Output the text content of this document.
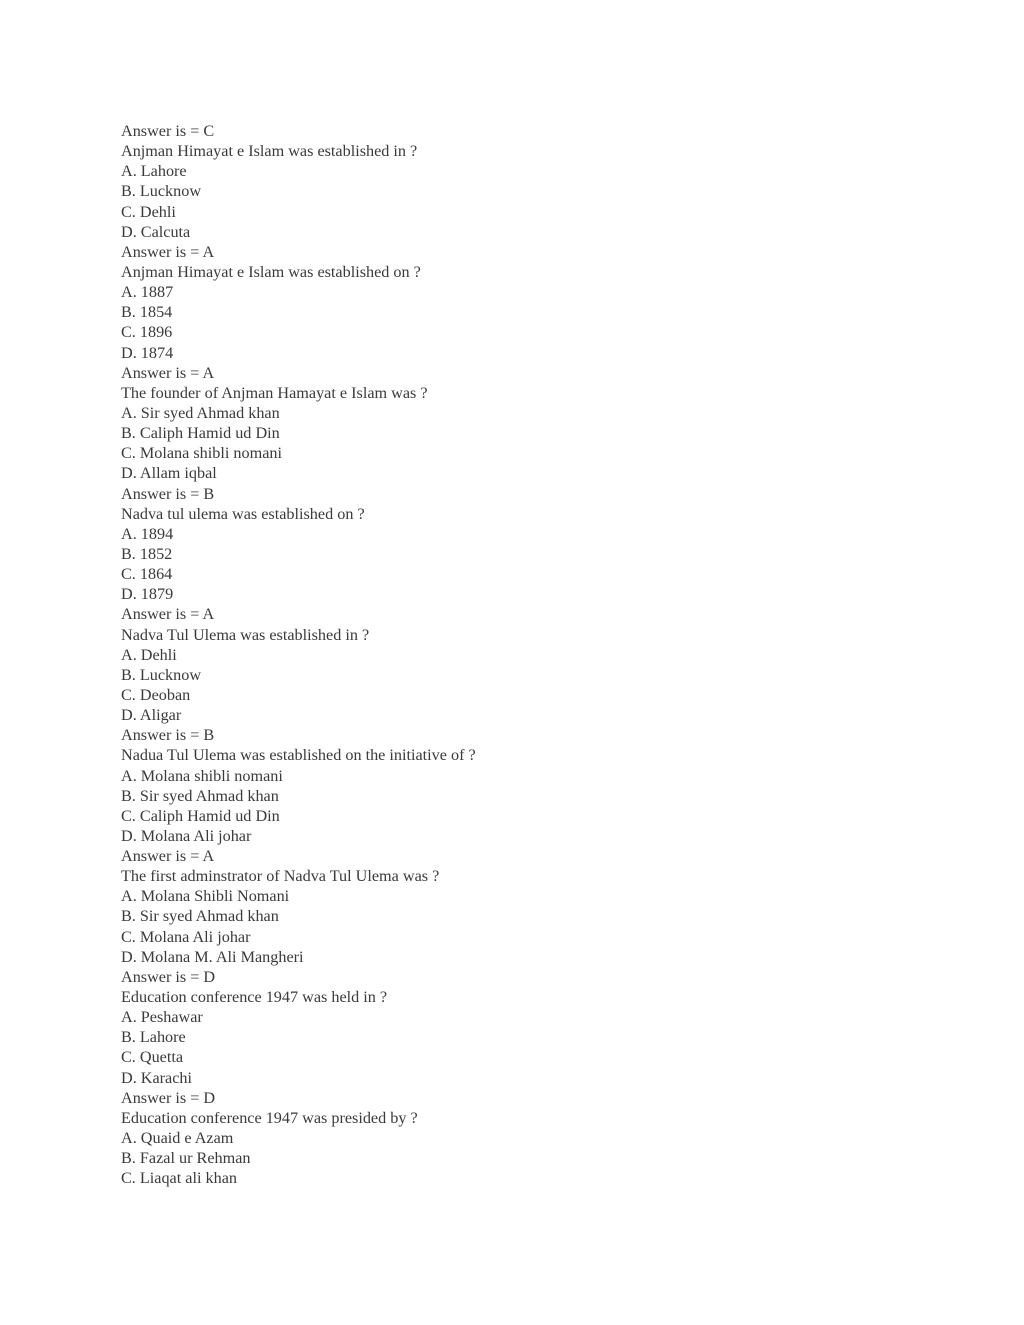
Answer is = C
Anjman Himayat e Islam was established in ?
A. Lahore
B. Lucknow
C. Dehli
D. Calcuta
Answer is = A
Anjman Himayat e Islam was established on ?
A. 1887
B. 1854
C. 1896
D. 1874
Answer is = A
The founder of Anjman Hamayat e Islam was ?
A. Sir syed Ahmad khan
B. Caliph Hamid ud Din
C. Molana shibli nomani
D. Allam iqbal
Answer is = B
Nadva tul ulema was established on ?
A. 1894
B. 1852
C. 1864
D. 1879
Answer is = A
Nadva Tul Ulema was established in ?
A. Dehli
B. Lucknow
C. Deoban
D. Aligar
Answer is = B
Nadua Tul Ulema was established on the initiative of ?
A. Molana shibli nomani
B. Sir syed Ahmad khan
C. Caliph Hamid ud Din
D. Molana Ali johar
Answer is = A
The first adminstrator of Nadva Tul Ulema was ?
A. Molana Shibli Nomani
B. Sir syed Ahmad khan
C. Molana Ali johar
D. Molana M. Ali Mangheri
Answer is = D
Education conference 1947 was held in ?
A. Peshawar
B. Lahore
C. Quetta
D. Karachi
Answer is = D
Education conference 1947 was presided by ?
A. Quaid e Azam
B. Fazal ur Rehman
C. Liaqat ali khan
